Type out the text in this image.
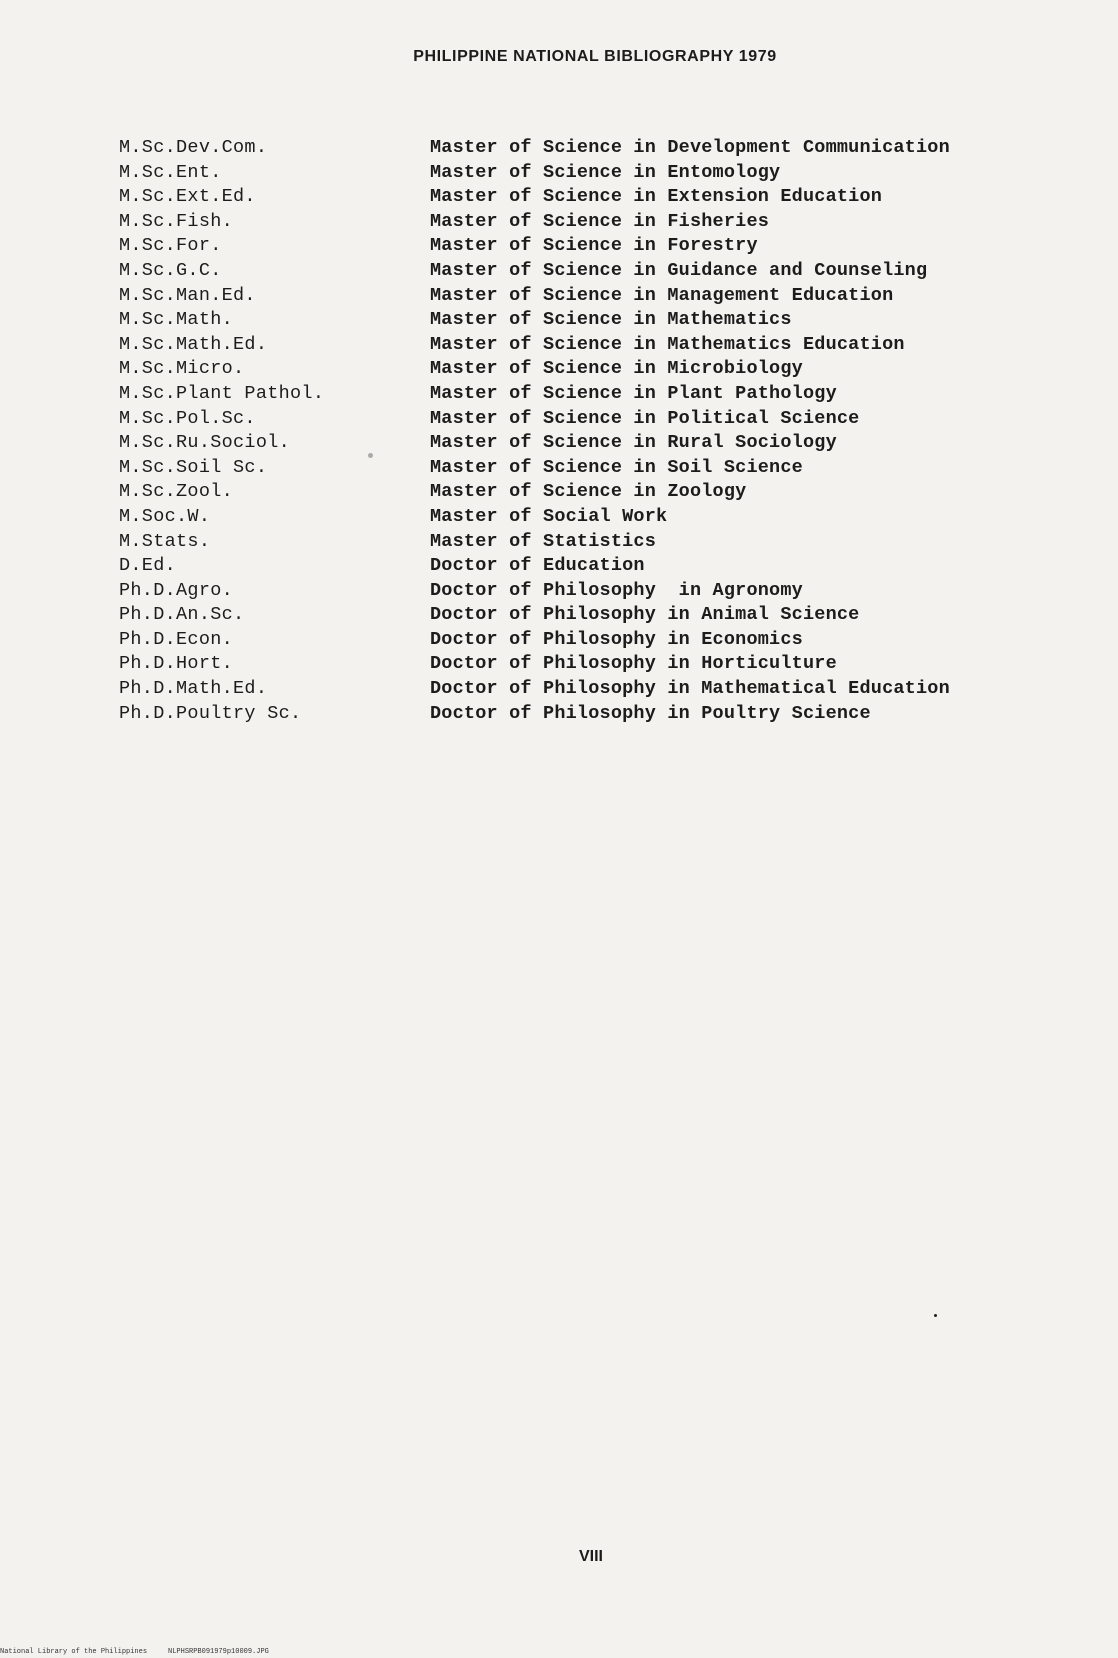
PHILIPPINE NATIONAL BIBLIOGRAPHY 1979
M.Sc.Dev.Com.	Master of Science in Development Communication
M.Sc.Ent.	Master of Science in Entomology
M.Sc.Ext.Ed.	Master of Science in Extension Education
M.Sc.Fish.	Master of Science in Fisheries
M.Sc.For.	Master of Science in Forestry
M.Sc.G.C.	Master of Science in Guidance and Counseling
M.Sc.Man.Ed.	Master of Science in Management Education
M.Sc.Math.	Master of Science in Mathematics
M.Sc.Math.Ed.	Master of Science in Mathematics Education
M.Sc.Micro.	Master of Science in Microbiology
M.Sc.Plant Pathol.	Master of Science in Plant Pathology
M.Sc.Pol.Sc.	Master of Science in Political Science
M.Sc.Ru.Sociol.	Master of Science in Rural Sociology
M.Sc.Soil Sc.	Master of Science in Soil Science
M.Sc.Zool.	Master of Science in Zoology
M.Soc.W.	Master of Social Work
M.Stats.	Master of Statistics
D.Ed.	Doctor of Education
Ph.D.Agro.	Doctor of Philosophy  in Agronomy
Ph.D.An.Sc.	Doctor of Philosophy in Animal Science
Ph.D.Econ.	Doctor of Philosophy in Economics
Ph.D.Hort.	Doctor of Philosophy in Horticulture
Ph.D.Math.Ed.	Doctor of Philosophy in Mathematical Education
Ph.D.Poultry Sc.	Doctor of Philosophy in Poultry Science
VIII
National Library of the Philippines     NLPHSRPB091979p10009.JPG
